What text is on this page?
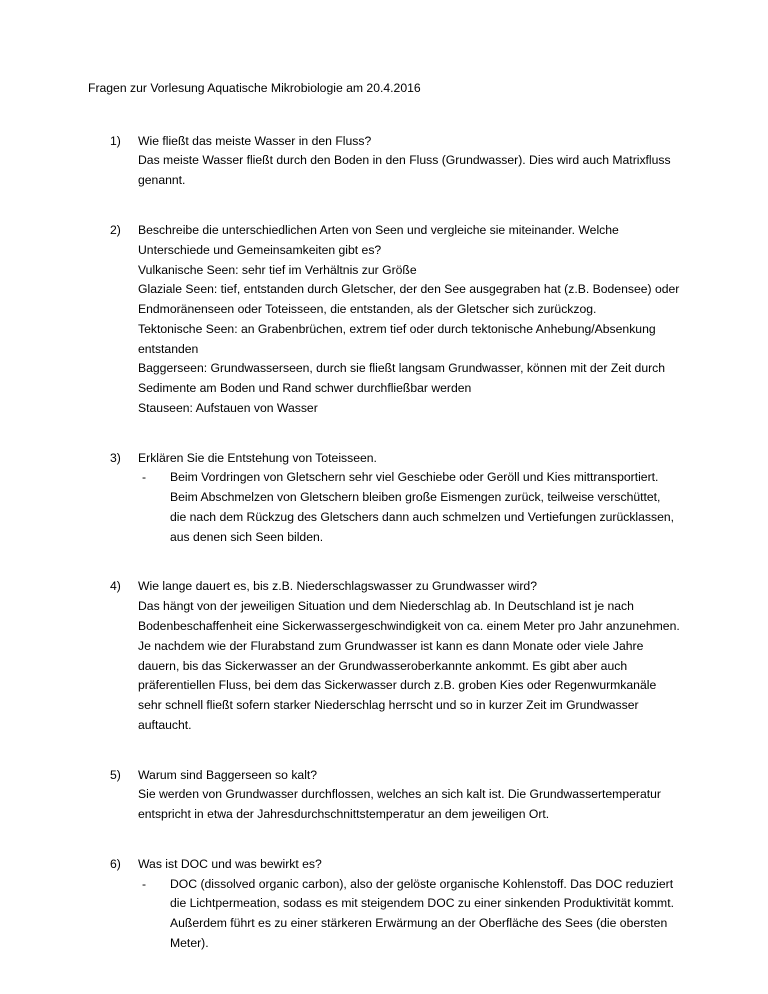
Fragen zur Vorlesung Aquatische Mikrobiologie am 20.4.2016

Wie fließt das meiste Wasser in den Fluss?

Das meiste Wasser fließt durch den Boden in den Fluss (Grundwasser). Dies wird auch Matrixfluss genannt.

Beschreibe die unterschiedlichen Arten von Seen und vergleiche sie miteinander. Welche Unterschiede und Gemeinsamkeiten gibt es?

Vulkanische Seen: sehr tief im Verhältnis zur Größe

Glaziale Seen: tief, entstanden durch Gletscher, der den See ausgegraben hat (z.B. Bodensee) oder Endmoränenseen oder Toteisseen, die entstanden, als der Gletscher sich zurückzog.

Tektonische Seen: an Grabenbrüchen, extrem tief oder durch tektonische Anhebung/Absenkung entstanden

Baggerseen: Grundwasserseen, durch sie fließt langsam Grundwasser, können mit der Zeit durch Sedimente am Boden und Rand schwer durchfließbar werden

Stauseen: Aufstauen von Wasser

Erklären Sie die Entstehung von Toteisseen.

- Beim Vordringen von Gletschern sehr viel Geschiebe oder Geröll und Kies mittransportiert. Beim Abschmelzen von Gletschern bleiben große Eismengen zurück, teilweise verschüttet, die nach dem Rückzug des Gletschers dann auch schmelzen und Vertiefungen zurücklassen, aus denen sich Seen bilden.

Wie lange dauert es, bis z.B. Niederschlagswasser zu Grundwasser wird?

Das hängt von der jeweiligen Situation und dem Niederschlag ab. In Deutschland ist je nach Bodenbeschaffenheit eine Sickerwassergeschwindigkeit von ca. einem Meter pro Jahr anzunehmen. Je nachdem wie der Flurabstand zum Grundwasser ist kann es dann Monate oder viele Jahre dauern, bis das Sickerwasser an der Grundwasseroberkannte ankommt. Es gibt aber auch präferentiellen Fluss, bei dem das Sickerwasser durch z.B. groben Kies oder Regenwurmkanäle sehr schnell fließt sofern starker Niederschlag herrscht und so in kurzer Zeit im Grundwasser auftaucht.

Warum sind Baggerseen so kalt?

Sie werden von Grundwasser durchflossen, welches an sich kalt ist. Die Grundwassertemperatur entspricht in etwa der Jahresdurchschnittstemperatur an dem jeweiligen Ort.

Was ist DOC und was bewirkt es?

- DOC (dissolved organic carbon), also der gelöste organische Kohlenstoff. Das DOC reduziert die Lichtpermeation, sodass es mit steigendem DOC zu einer sinkenden Produktivität kommt. Außerdem führt es zu einer stärkeren Erwärmung an der Oberfläche des Sees (die obersten Meter).
